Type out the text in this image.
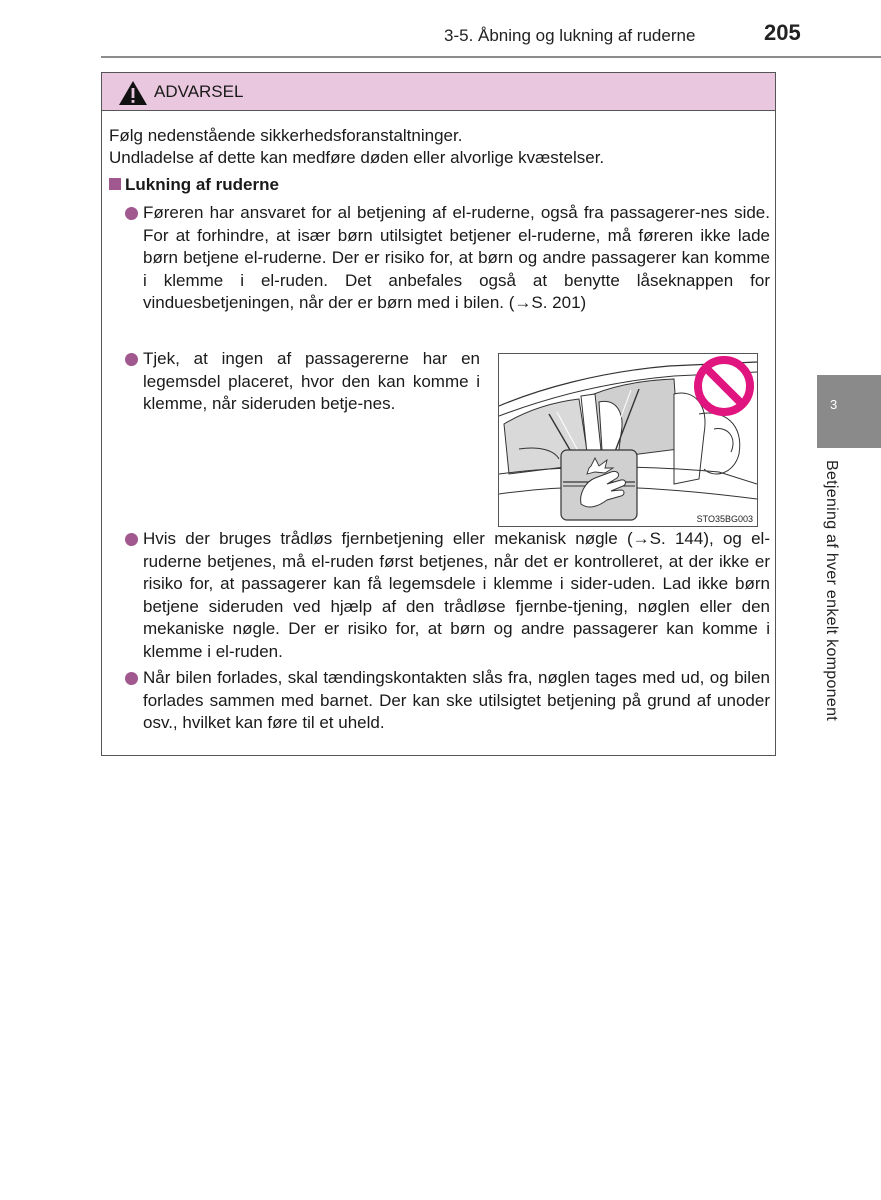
3-5. Åbning og lukning af ruderne	205
3
Betjening af hver enkelt komponent
ADVARSEL
Følg nedenstående sikkerhedsforanstaltninger.
Undladelse af dette kan medføre døden eller alvorlige kvæstelser.
Lukning af ruderne
Føreren har ansvaret for al betjening af el-ruderne, også fra passagerer-nes side. For at forhindre, at især børn utilsigtet betjener el-ruderne, må føreren ikke lade børn betjene el-ruderne. Der er risiko for, at børn og andre passagerer kan komme i klemme i el-ruden. Det anbefales også at benytte låseknappen for vinduesbetjeningen, når der er børn med i bilen. (→S. 201)
Tjek, at ingen af passagererne har en legemsdel placeret, hvor den kan komme i klemme, når sideruden betje-nes.
STO35BG003
Hvis der bruges trådløs fjernbetjening eller mekanisk nøgle (→S. 144), og el-ruderne betjenes, må el-ruden først betjenes, når det er kontrolleret, at der ikke er risiko for, at passagerer kan få legemsdele i klemme i sider-uden. Lad ikke børn betjene sideruden ved hjælp af den trådløse fjernbe-tjening, nøglen eller den mekaniske nøgle. Der er risiko for, at børn og andre passagerer kan komme i klemme i el-ruden.
Når bilen forlades, skal tændingskontakten slås fra, nøglen tages med ud, og bilen forlades sammen med barnet. Der kan ske utilsigtet betjening på grund af unoder osv., hvilket kan føre til et uheld.
